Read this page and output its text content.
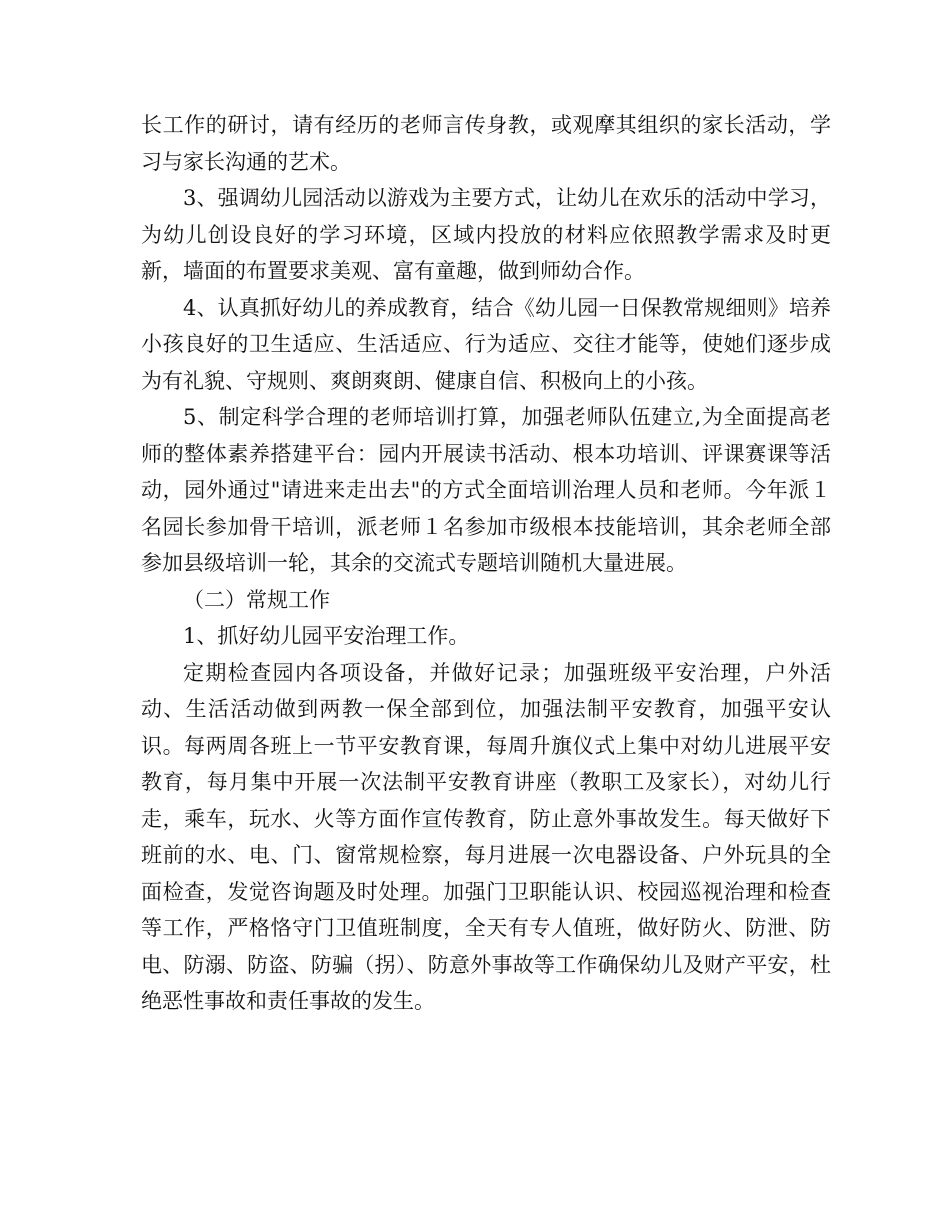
长工作的研讨，请有经历的老师言传身教，或观摩其组织的家长活动，学习与家长沟通的艺术。

3、强调幼儿园活动以游戏为主要方式，让幼儿在欢乐的活动中学习，为幼儿创设良好的学习环境，区域内投放的材料应依照教学需求及时更新，墙面的布置要求美观、富有童趣，做到师幼合作。

4、认真抓好幼儿的养成教育，结合《幼儿园一日保教常规细则》培养小孩良好的卫生适应、生活适应、行为适应、交往才能等，使她们逐步成为有礼貌、守规则、爽朗爽朗、健康自信、积极向上的小孩。

5、制定科学合理的老师培训打算，加强老师队伍建立,为全面提高老师的整体素养搭建平台：园内开展读书活动、根本功培训、评课赛课等活动，园外通过"请进来走出去"的方式全面培训治理人员和老师。今年派１名园长参加骨干培训，派老师１名参加市级根本技能培训，其余老师全部参加县级培训一轮，其余的交流式专题培训随机大量进展。

（二）常规工作

1、抓好幼儿园平安治理工作。

定期检查园内各项设备，并做好记录；加强班级平安治理，户外活动、生活活动做到两教一保全部到位，加强法制平安教育，加强平安认识。每两周各班上一节平安教育课，每周升旗仪式上集中对幼儿进展平安教育，每月集中开展一次法制平安教育讲座（教职工及家长），对幼儿行走，乘车，玩水、火等方面作宣传教育，防止意外事故发生。每天做好下班前的水、电、门、窗常规检察，每月进展一次电器设备、户外玩具的全面检查，发觉咨询题及时处理。加强门卫职能认识、校园巡视治理和检查等工作，严格恪守门卫值班制度，全天有专人值班，做好防火、防泄、防电、防溺、防盗、防骗（拐）、防意外事故等工作确保幼儿及财产平安，杜绝恶性事故和责任事故的发生。
